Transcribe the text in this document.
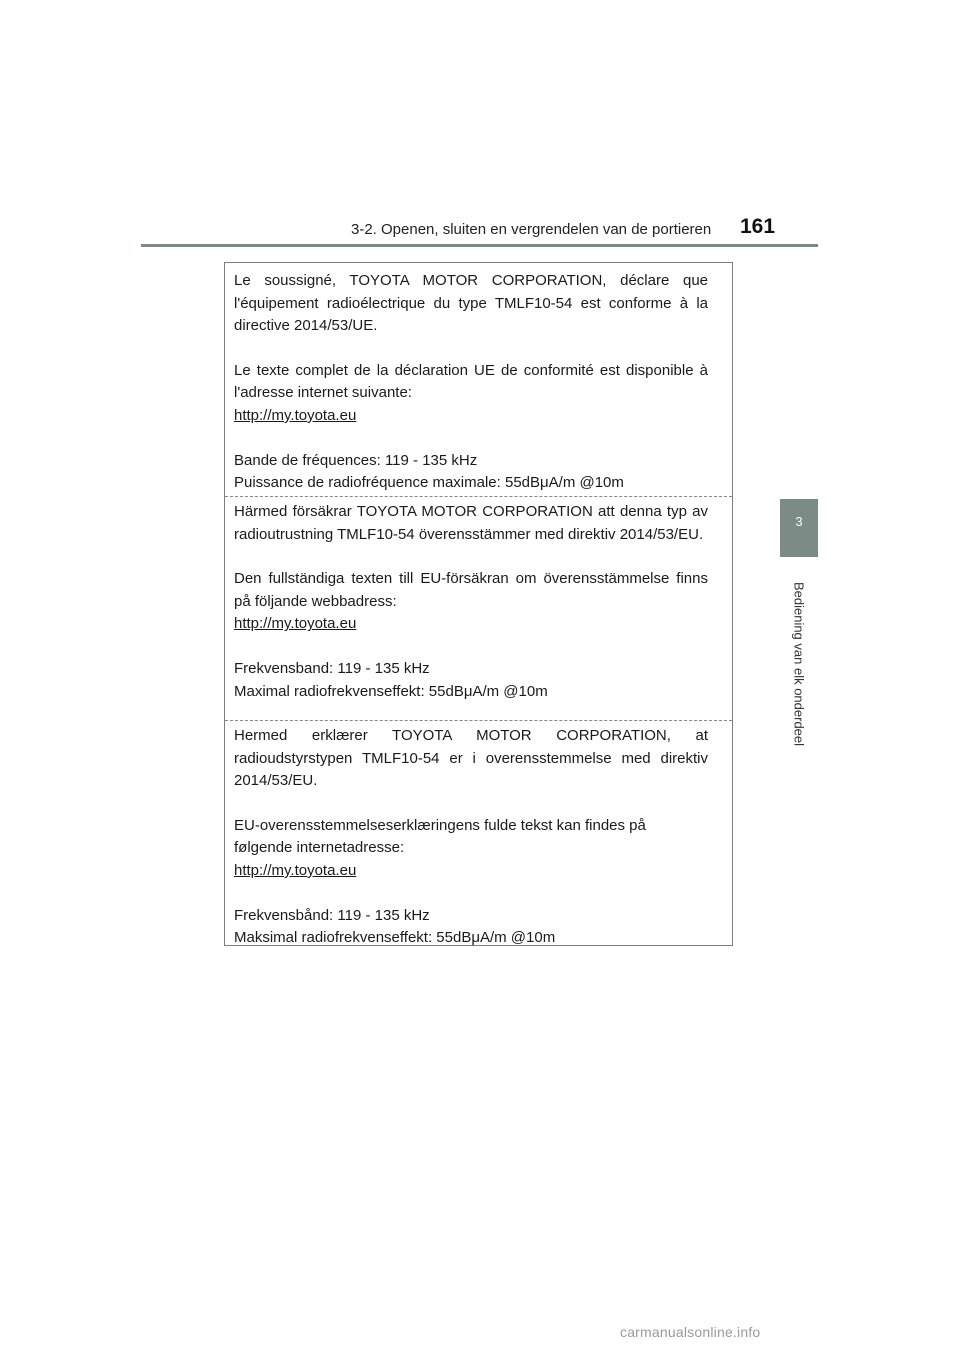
3-2. Openen, sluiten en vergrendelen van de portieren 161
3
Bediening van elk onderdeel

Le soussigné, TOYOTA MOTOR CORPORATION, déclare que l'équipement radioélectrique du type TMLF10-54 est conforme à la directive 2014/53/UE.

Le texte complet de la déclaration UE de conformité est disponible à l'adresse internet suivante:
http://my.toyota.eu

Bande de fréquences: 119 - 135 kHz
Puissance de radiofréquence maximale: 55dBμA/m @10m

Härmed försäkrar TOYOTA MOTOR CORPORATION att denna typ av radioutrustning TMLF10-54 överensstämmer med direktiv 2014/53/EU.

Den fullständiga texten till EU-försäkran om överensstämmelse finns på följande webbadress:
http://my.toyota.eu

Frekvensband: 119 - 135 kHz
Maximal radiofrekvenseffekt: 55dBμA/m @10m

Hermed erklærer TOYOTA MOTOR CORPORATION, at radioudstyrstypen TMLF10-54 er i overensstemmelse med direktiv 2014/53/EU.

EU-overensstemmelseserklæringens fulde tekst kan findes på følgende internetadresse:
http://my.toyota.eu

Frekvensbånd: 119 - 135 kHz
Maksimal radiofrekvenseffekt: 55dBμA/m @10m

carmanualsonline.info
